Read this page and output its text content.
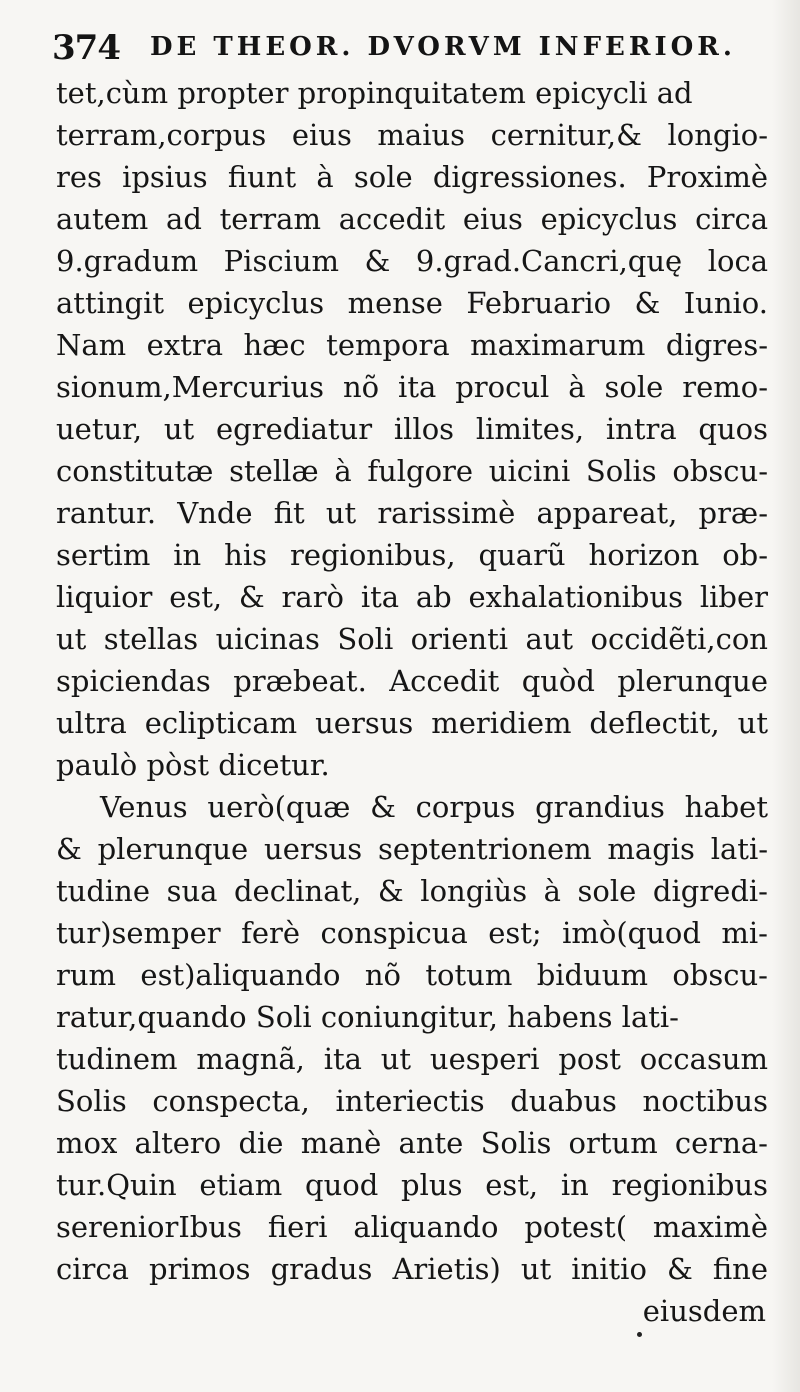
374 DE THEOR. DVORVM INFERIOR.
tet,cùm propter propinquitatem epicycli ad
terram,corpus eius maius cernitur,& longio-
res ipsius fiunt à sole digressiones. Proximè
autem ad terram accedit eius epicyclus circa
9.gradum Piscium & 9.grad.Cancri,quę loca
attingit epicyclus mense Februario & Iunio.
Nam extra hæc tempora maximarum digres-
sionum,Mercurius nõ ita procul à sole remo-
uetur, ut egrediatur illos limites, intra quos
constitutæ stellæ à fulgore uicini Solis obscu-
rantur. Vnde fit ut rarissimè appareat, præ-
sertim in his regionibus, quarũ horizon ob-
liquior est, & rarò ita ab exhalationibus liber
ut stellas uicinas Soli orienti aut occidẽti,con
spiciendas præbeat. Accedit quòd plerunque
ultra eclipticam uersus meridiem deflectit, ut
paulò pòst dicetur.
Venus uerò(quæ & corpus grandius habet
& plerunque uersus septentrionem magis lati-
tudine sua declinat, & longiùs à sole digredi-
tur)semper ferè conspicua est; imò(quod mi-
rum est)aliquando nõ totum biduum obscu-
ratur,quando Soli coniungitur, habens lati-
tudinem magnã, ita ut uesperi post occasum
Solis conspecta, interiectis duabus noctibus
mox altero die manè ante Solis ortum cerna-
tur.Quin etiam quod plus est, in regionibus
sereniorIbus fieri aliquando potest( maximè
circa primos gradus Arietis) ut initio & fine
eiusdem
